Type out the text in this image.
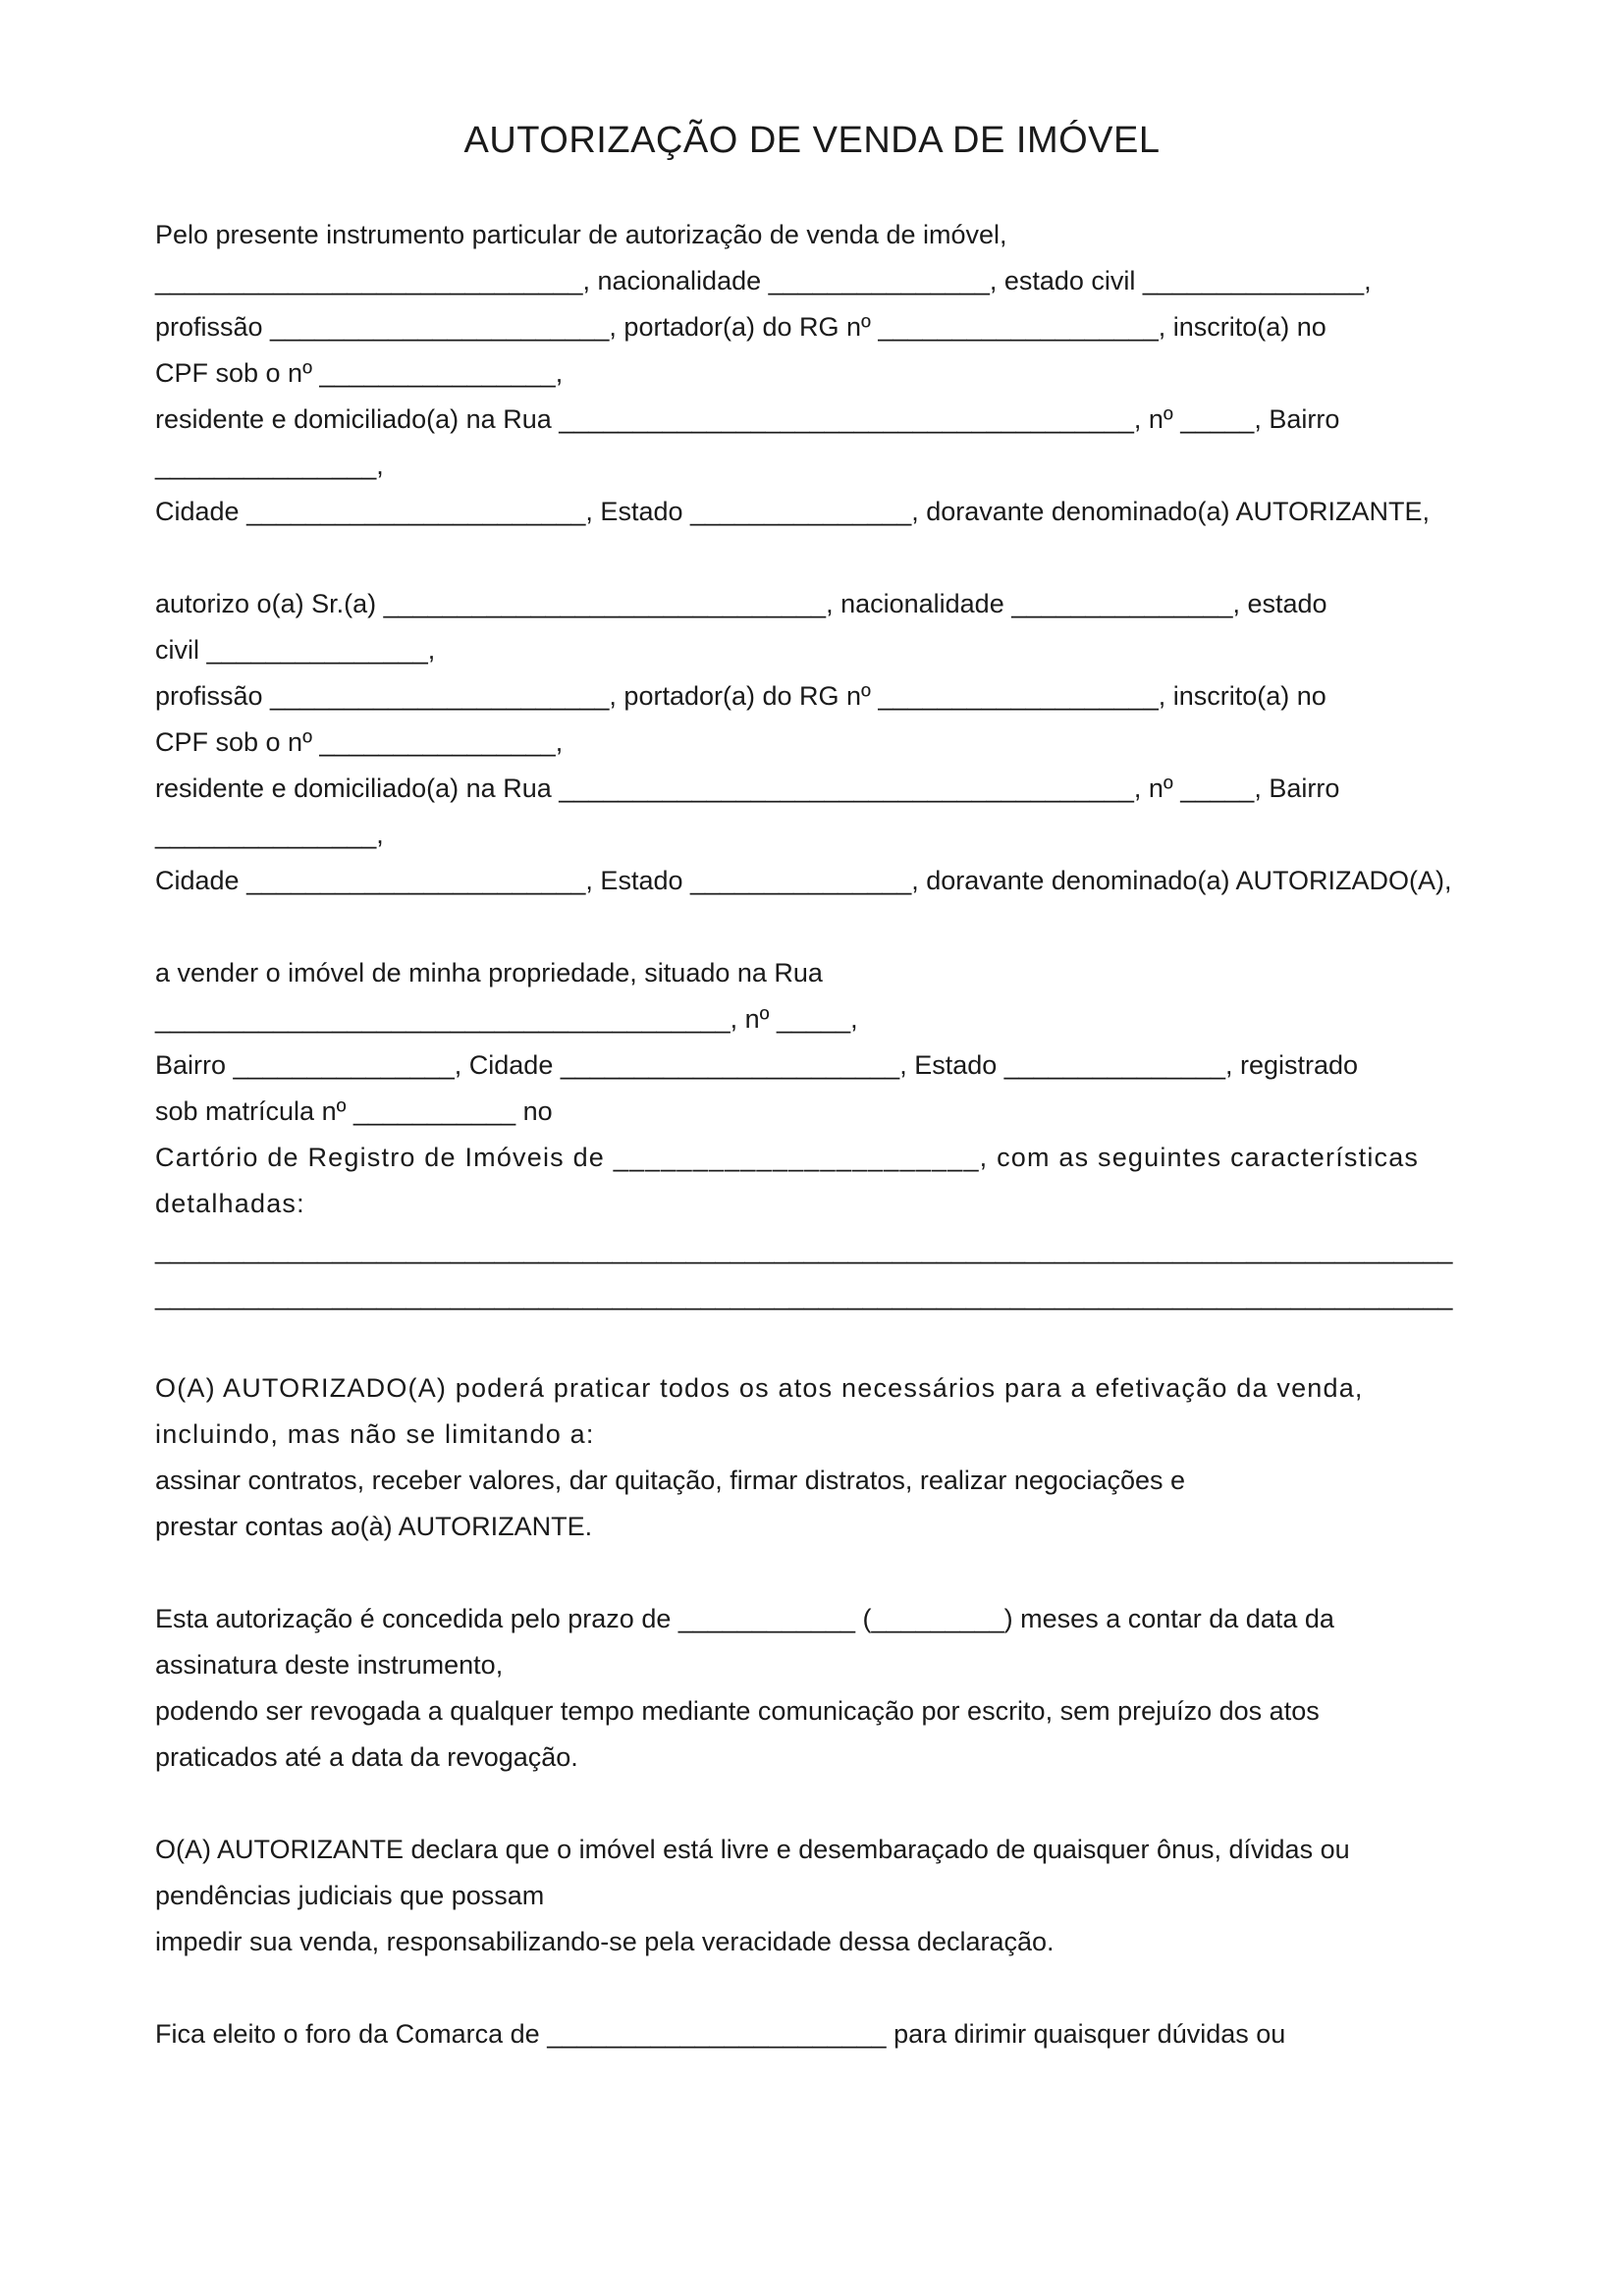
AUTORIZAÇÃO DE VENDA DE IMÓVEL
Pelo presente instrumento particular de autorização de venda de imóvel,
_____________________________, nacionalidade _______________, estado civil _______________,
profissão _______________________, portador(a) do RG nº ___________________, inscrito(a) no
CPF sob o nº ________________,
residente e domiciliado(a) na Rua _______________________________________, nº _____, Bairro
_______________,
Cidade _______________________, Estado _______________, doravante denominado(a) AUTORIZANTE,
autorizo o(a) Sr.(a) ______________________________, nacionalidade _______________, estado
civil _______________,
profissão _______________________, portador(a) do RG nº ___________________, inscrito(a) no
CPF sob o nº ________________,
residente e domiciliado(a) na Rua _______________________________________, nº _____, Bairro
_______________,
Cidade _______________________, Estado _______________, doravante denominado(a) AUTORIZADO(A),
a vender o imóvel de minha propriedade, situado na Rua
_______________________________________, nº _____,
Bairro _______________, Cidade _______________________, Estado _______________, registrado
sob matrícula nº ___________ no
Cartório de Registro de Imóveis de _______________________, com as seguintes características
detalhadas:
________________________________________________________________________________________
________________________________________________________________________________________
O(A) AUTORIZADO(A) poderá praticar todos os atos necessários para a efetivação da venda,
incluindo, mas não se limitando a:
assinar contratos, receber valores, dar quitação, firmar distratos, realizar negociações e
prestar contas ao(à) AUTORIZANTE.
Esta autorização é concedida pelo prazo de ____________ (_________) meses a contar da data da
assinatura deste instrumento,
podendo ser revogada a qualquer tempo mediante comunicação por escrito, sem prejuízo dos atos
praticados até a data da revogação.
O(A) AUTORIZANTE declara que o imóvel está livre e desembaraçado de quaisquer ônus, dívidas ou
pendências judiciais que possam
impedir sua venda, responsabilizando-se pela veracidade dessa declaração.
Fica eleito o foro da Comarca de _______________________ para dirimir quaisquer dúvidas ou
